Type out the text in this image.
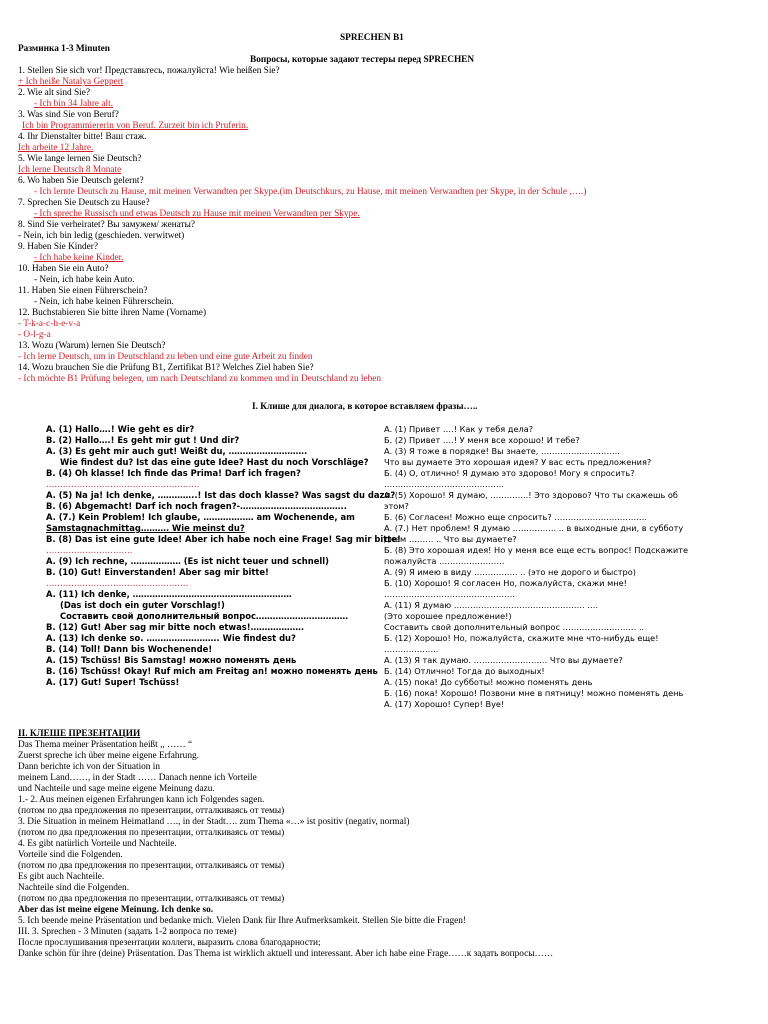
SPRECHEN B1
Разминка 1-3 Minuten
Вопросы, которые задают тестеры перед SPRECHEN
1. Stellen Sie sich vor! Представьтесь, пожалуйста! Wie heißen Sie?
+ Ich heiße Natalya Geppert
2. Wie alt sind Sie?
- Ich bin 34 Jahre alt.
3. Was sind Sie von Beruf?
Ich bin Programmiererin von Beruf. Zurzeit bin ich Pruferin.
4. Ihr Dienstalter bitte! Ваш стаж.
Ich arbeite 12 Jahre.
5. Wie lange lernen Sie Deutsch?
Ich lerne Deutsch 8 Monate
6. Wo haben Sie Deutsch gelernt?
- Ich lernte Deutsch zu Hause, mit meinen Verwandten per Skype.(im Deutschkurs, zu Hause, mit meinen Verwandten per Skype, in der Schule ,….)
7. Sprechen Sie Deutsch zu Hause?
- Ich spreche Russisch und etwas Deutsch zu Hause mit meinen Verwandten per Skype.
8. Sind Sie verheiratet? Вы замужем/ женаты?
- Nein, ich bin ledig (geschieden. verwitwet)
9. Haben Sie Kinder?
- Ich habe keine Kinder.
10. Haben Sie ein Auto?
- Nein, ich habe kein Auto.
11. Haben Sie einen Führerschein?
- Nein, ich habe keinen Führerschein.
12. Buchstabieren Sie bitte ihren Name (Vorname)
- T-k-a-c-h-e-v-a
- O-l-g-a
13. Wozu (Warum) lernen Sie Deutsch?
- Ich lerne Deutsch, um in Deutschland zu leben und eine gute Arbeit zu finden
14. Wozu brauchen Sie die Prüfung B1, Zertifikat B1? Welches Ziel haben Sie?
- Ich möchte B1 Prüfung belegen, um nach Deutschland zu kommen und in Deutschland zu leben
I. Клише для диалога, в которое вставляем фразы…..
A. (1) Hallo….! Wie geht es dir?
B. (2) Hallo….! Es geht mir gut ! Und dir?
A. (3) Es geht mir auch gut! Weißt du, ……………………….
Wie findest du? Ist das eine gute Idee? Hast du noch Vorschläge?
B. (4) Oh klasse! Ich finde das Prima! Darf ich fragen?
……………………………………………….
A. (5) Na ja! Ich denke, …………..! Ist das doch klasse? Was sagst du dazu?
B. (6) Abgemacht! Darf ich noch fragen?-………………………………..
A. (7.) Kein Problem! Ich glaube, ……………… am Wochenende, am
Samstagnachmittag………. Wie meinst du?
B. (8) Das ist eine gute Idee! Aber ich habe noch eine Frage! Sag mir bitte!
………………………….
A. (9) Ich rechne, ……………… (Es ist nicht teuer und schnell)
B. (10) Gut! Einverstanden! Aber sag mir bitte!
……………………………………………
A. (11) Ich denke, …………………………………………………
(Das ist doch ein guter Vorschlag!)
Составить свой дополнительный вопрос……………………………
B. (12) Gut! Aber sag mir bitte noch etwas!……………….
A. (13) Ich denke so. …………………….. Wie findest du?
B. (14) Toll! Dann bis Wochenende!
A. (15) Tschüss! Bis Samstag! можно поменять день
B. (16) Tschüss! Okay! Ruf mich am Freitag an! можно поменять день
A. (17) Gut! Super! Tschüss!
А. (1) Привет ….! Как у тебя дела?
Б. (2) Привет ….! У меня все хорошо! И тебе?
А. (3) Я тоже в порядке! Вы знаете, ………………………..
Что вы думаете Это хорошая идея? У вас есть предложения?
Б. (4) О, отлично! Я думаю это здорово! Могу я спросить?
……………………………………..
А. (5) Хорошо! Я думаю, …………..! Это здорово? Что ты скажешь об
этом?
Б. (6) Согласен! Можно еще спросить? …………………………….
А. (7.) Нет проблем! Я думаю ……………. .. в выходные дни, в субботу
днем ……… .. Что вы думаете?
Б. (8) Это хорошая идея! Но у меня все еще есть вопрос! Подскажите
пожалуйста ……………………
А. (9) Я имею в виду ……………. .. (это не дорого и быстро)
Б. (10) Хорошо! Я согласен Но, пожалуйста, скажи мне!
…………………………………………
А. (11) Я думаю ………………………………………… ….
(Это хорошее предложение!)
Составить свой дополнительный вопрос ……………………… ..
Б. (12) Хорошо! Но, пожалуйста, скажите мне что-нибудь еще!
………………..
А. (13) Я так думаю. ……………………… Что вы думаете?
Б. (14) Отлично! Тогда до выходных!
А. (15) пока! До субботы! можно поменять день
Б. (16) пока! Хорошо! Позвони мне в пятницу! можно поменять день
А. (17) Хорошо! Супер! Вуе!
II. КЛЕШЕ ПРЕЗЕНТАЦИИ
Das Thema meiner Präsentation heißt ,, …… “
Zuerst spreche ich über meine eigene Erfahrung.
Dann berichte ich von der Situation in
meinem Land……, in der Stadt …… Danach nenne ich Vorteile
und Nachteile und sage meine eigene Meinung dazu.
1.- 2. Aus meinen eigenen Erfahrungen kann ich Folgendes sagen.
(потом по два предложения по презентации, отталкиваясь от темы)
3. Die Situation in meinem Heimatland …., in der Stadt…. zum Thema «…» ist positiv (negativ, normal)
(потом по два предложения по презентации, отталкиваясь от темы)
4. Es gibt natürlich Vorteile und Nachteile.
Vorteile sind die Folgenden.
(потом по два предложения по презентации, отталкиваясь от темы)
Es gibt auch Nachteile.
Nachteile sind die Folgenden.
(потом по два предложения по презентации, отталкиваясь от темы)
Aber das ist meine eigene Meinung. Ich denke so.
5. Ich beende meine Präsentation und bedanke mich. Vielen Dank für Ihre Aufmerksamkeit. Stellen Sie bitte die Fragen!
III. 3. Sprechen - 3 Minuten (задать 1-2 вопроса по теме)
После прослушивания презентации коллеги, выразить слова благодарности;
Danke schön für ihre (deine) Präsentation. Das Thema ist wirklich aktuell und interessant. Aber ich habe eine Frage……к задать вопросы……
